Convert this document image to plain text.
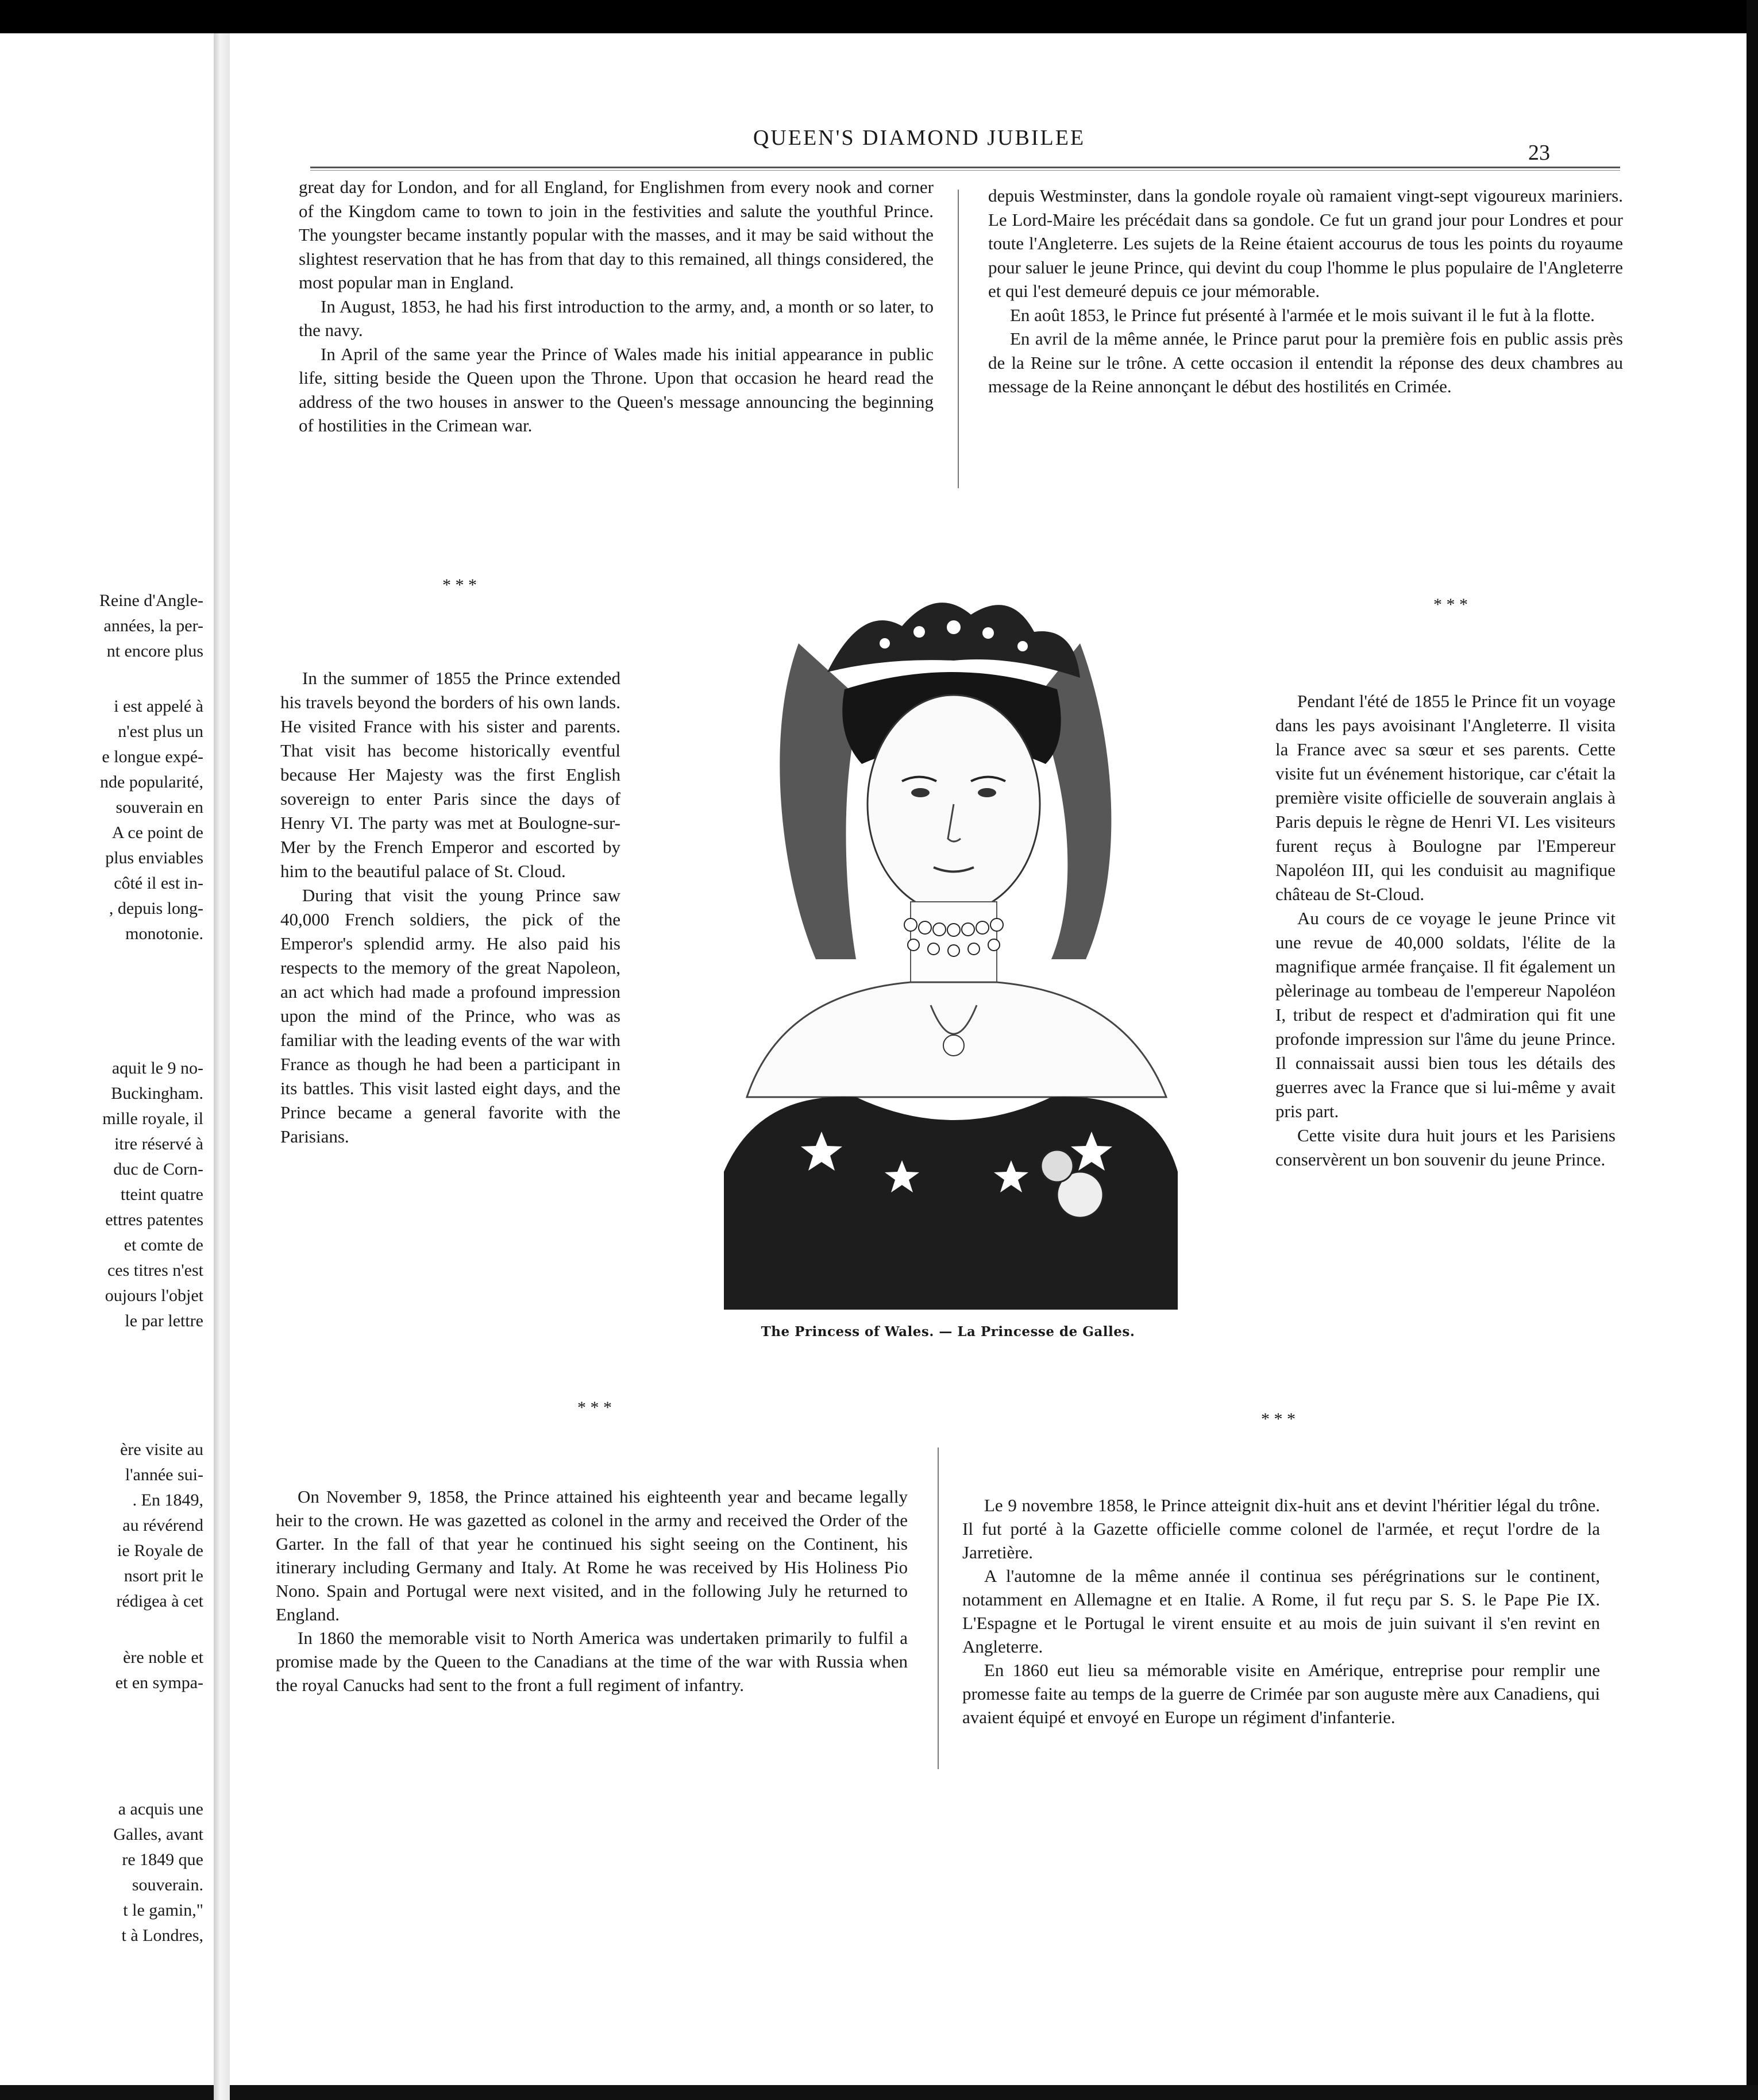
Reine d'Angle-
années, la per-
nt encore plus
i est appelé à
n'est plus un
e longue expé-
nde popularité,
souverain en
A ce point de
plus enviables
côté il est in-
, depuis long-
monotonie.
aquit le 9 no-
Buckingham.
mille royale, il
itre réservé à
duc de Corn-
tteint quatre
ettres patentes
et comte de
ces titres n'est
oujours l'objet
le par lettre
ère visite au
l'année sui-
. En 1849,
au révérend
ie Royale de
nsort prit le
rédigea à cet
ère noble et
et en sympa-
a acquis une
Galles, avant
re 1849 que
souverain.
t le gamin,"
t à Londres,
QUEEN'S DIAMOND JUBILEE
23

great day for London, and for all England, for Englishmen from every nook and corner of the Kingdom came to town to join in the festivities and salute the youthful Prince. The youngster became instantly popular with the masses, and it may be said without the slightest reservation that he has from that day to this remained, all things considered, the most popular man in England.

In August, 1853, he had his first introduction to the army, and, a month or so later, to the navy.

In April of the same year the Prince of Wales made his initial appearance in public life, sitting beside the Queen upon the Throne. Upon that occasion he heard read the address of the two houses in answer to the Queen's message announcing the beginning of hostilities in the Crimean war.

depuis Westminster, dans la gondole royale où ramaient vingt-sept vigoureux mariniers. Le Lord-Maire les précédait dans sa gondole. Ce fut un grand jour pour Londres et pour toute l'Angleterre. Les sujets de la Reine étaient accourus de tous les points du royaume pour saluer le jeune Prince, qui devint du coup l'homme le plus populaire de l'Angleterre et qui l'est demeuré depuis ce jour mémorable.

En août 1853, le Prince fut présenté à l'armée et le mois suivant il le fut à la flotte.

En avril de la même année, le Prince parut pour la première fois en public assis près de la Reine sur le trône. A cette occasion il entendit la réponse des deux chambres au message de la Reine annonçant le début des hostilités en Crimée.

* * *
* * *

In the summer of 1855 the Prince extended his travels beyond the borders of his own lands. He visited France with his sister and parents. That visit has become historically eventful because Her Majesty was the first English sovereign to enter Paris since the days of Henry VI. The party was met at Boulogne-sur-Mer by the French Emperor and escorted by him to the beautiful palace of St. Cloud.

During that visit the young Prince saw 40,000 French soldiers, the pick of the Emperor's splendid army. He also paid his respects to the memory of the great Napoleon, an act which had made a profound impression upon the mind of the Prince, who was as familiar with the leading events of the war with France as though he had been a participant in its battles. This visit lasted eight days, and the Prince became a general favorite with the Parisians.

The Princess of Wales. — La Princesse de Galles.

Pendant l'été de 1855 le Prince fit un voyage dans les pays avoisinant l'Angleterre. Il visita la France avec sa sœur et ses parents. Cette visite fut un événement historique, car c'était la première visite officielle de souverain anglais à Paris depuis le règne de Henri VI. Les visiteurs furent reçus à Boulogne par l'Empereur Napoléon III, qui les conduisit au magnifique château de St-Cloud.

Au cours de ce voyage le jeune Prince vit une revue de 40,000 soldats, l'élite de la magnifique armée française. Il fit également un pèlerinage au tombeau de l'empereur Napoléon I, tribut de respect et d'admiration qui fit une profonde impression sur l'âme du jeune Prince. Il connaissait aussi bien tous les détails des guerres avec la France que si lui-même y avait pris part.

Cette visite dura huit jours et les Parisiens conservèrent un bon souvenir du jeune Prince.

* * *
* * *

On November 9, 1858, the Prince attained his eighteenth year and became legally heir to the crown. He was gazetted as colonel in the army and received the Order of the Garter. In the fall of that year he continued his sight seeing on the Continent, his itinerary including Germany and Italy. At Rome he was received by His Holiness Pio Nono. Spain and Portugal were next visited, and in the following July he returned to England.

In 1860 the memorable visit to North America was undertaken primarily to fulfil a promise made by the Queen to the Canadians at the time of the war with Russia when the royal Canucks had sent to the front a full regiment of infantry.

Le 9 novembre 1858, le Prince atteignit dix-huit ans et devint l'héritier légal du trône. Il fut porté à la Gazette officielle comme colonel de l'armée, et reçut l'ordre de la Jarretière.

A l'automne de la même année il continua ses pérégrinations sur le continent, notamment en Allemagne et en Italie. A Rome, il fut reçu par S. S. le Pape Pie IX. L'Espagne et le Portugal le virent ensuite et au mois de juin suivant il s'en revint en Angleterre.

En 1860 eut lieu sa mémorable visite en Amérique, entreprise pour remplir une promesse faite au temps de la guerre de Crimée par son auguste mère aux Canadiens, qui avaient équipé et envoyé en Europe un régiment d'infanterie.
